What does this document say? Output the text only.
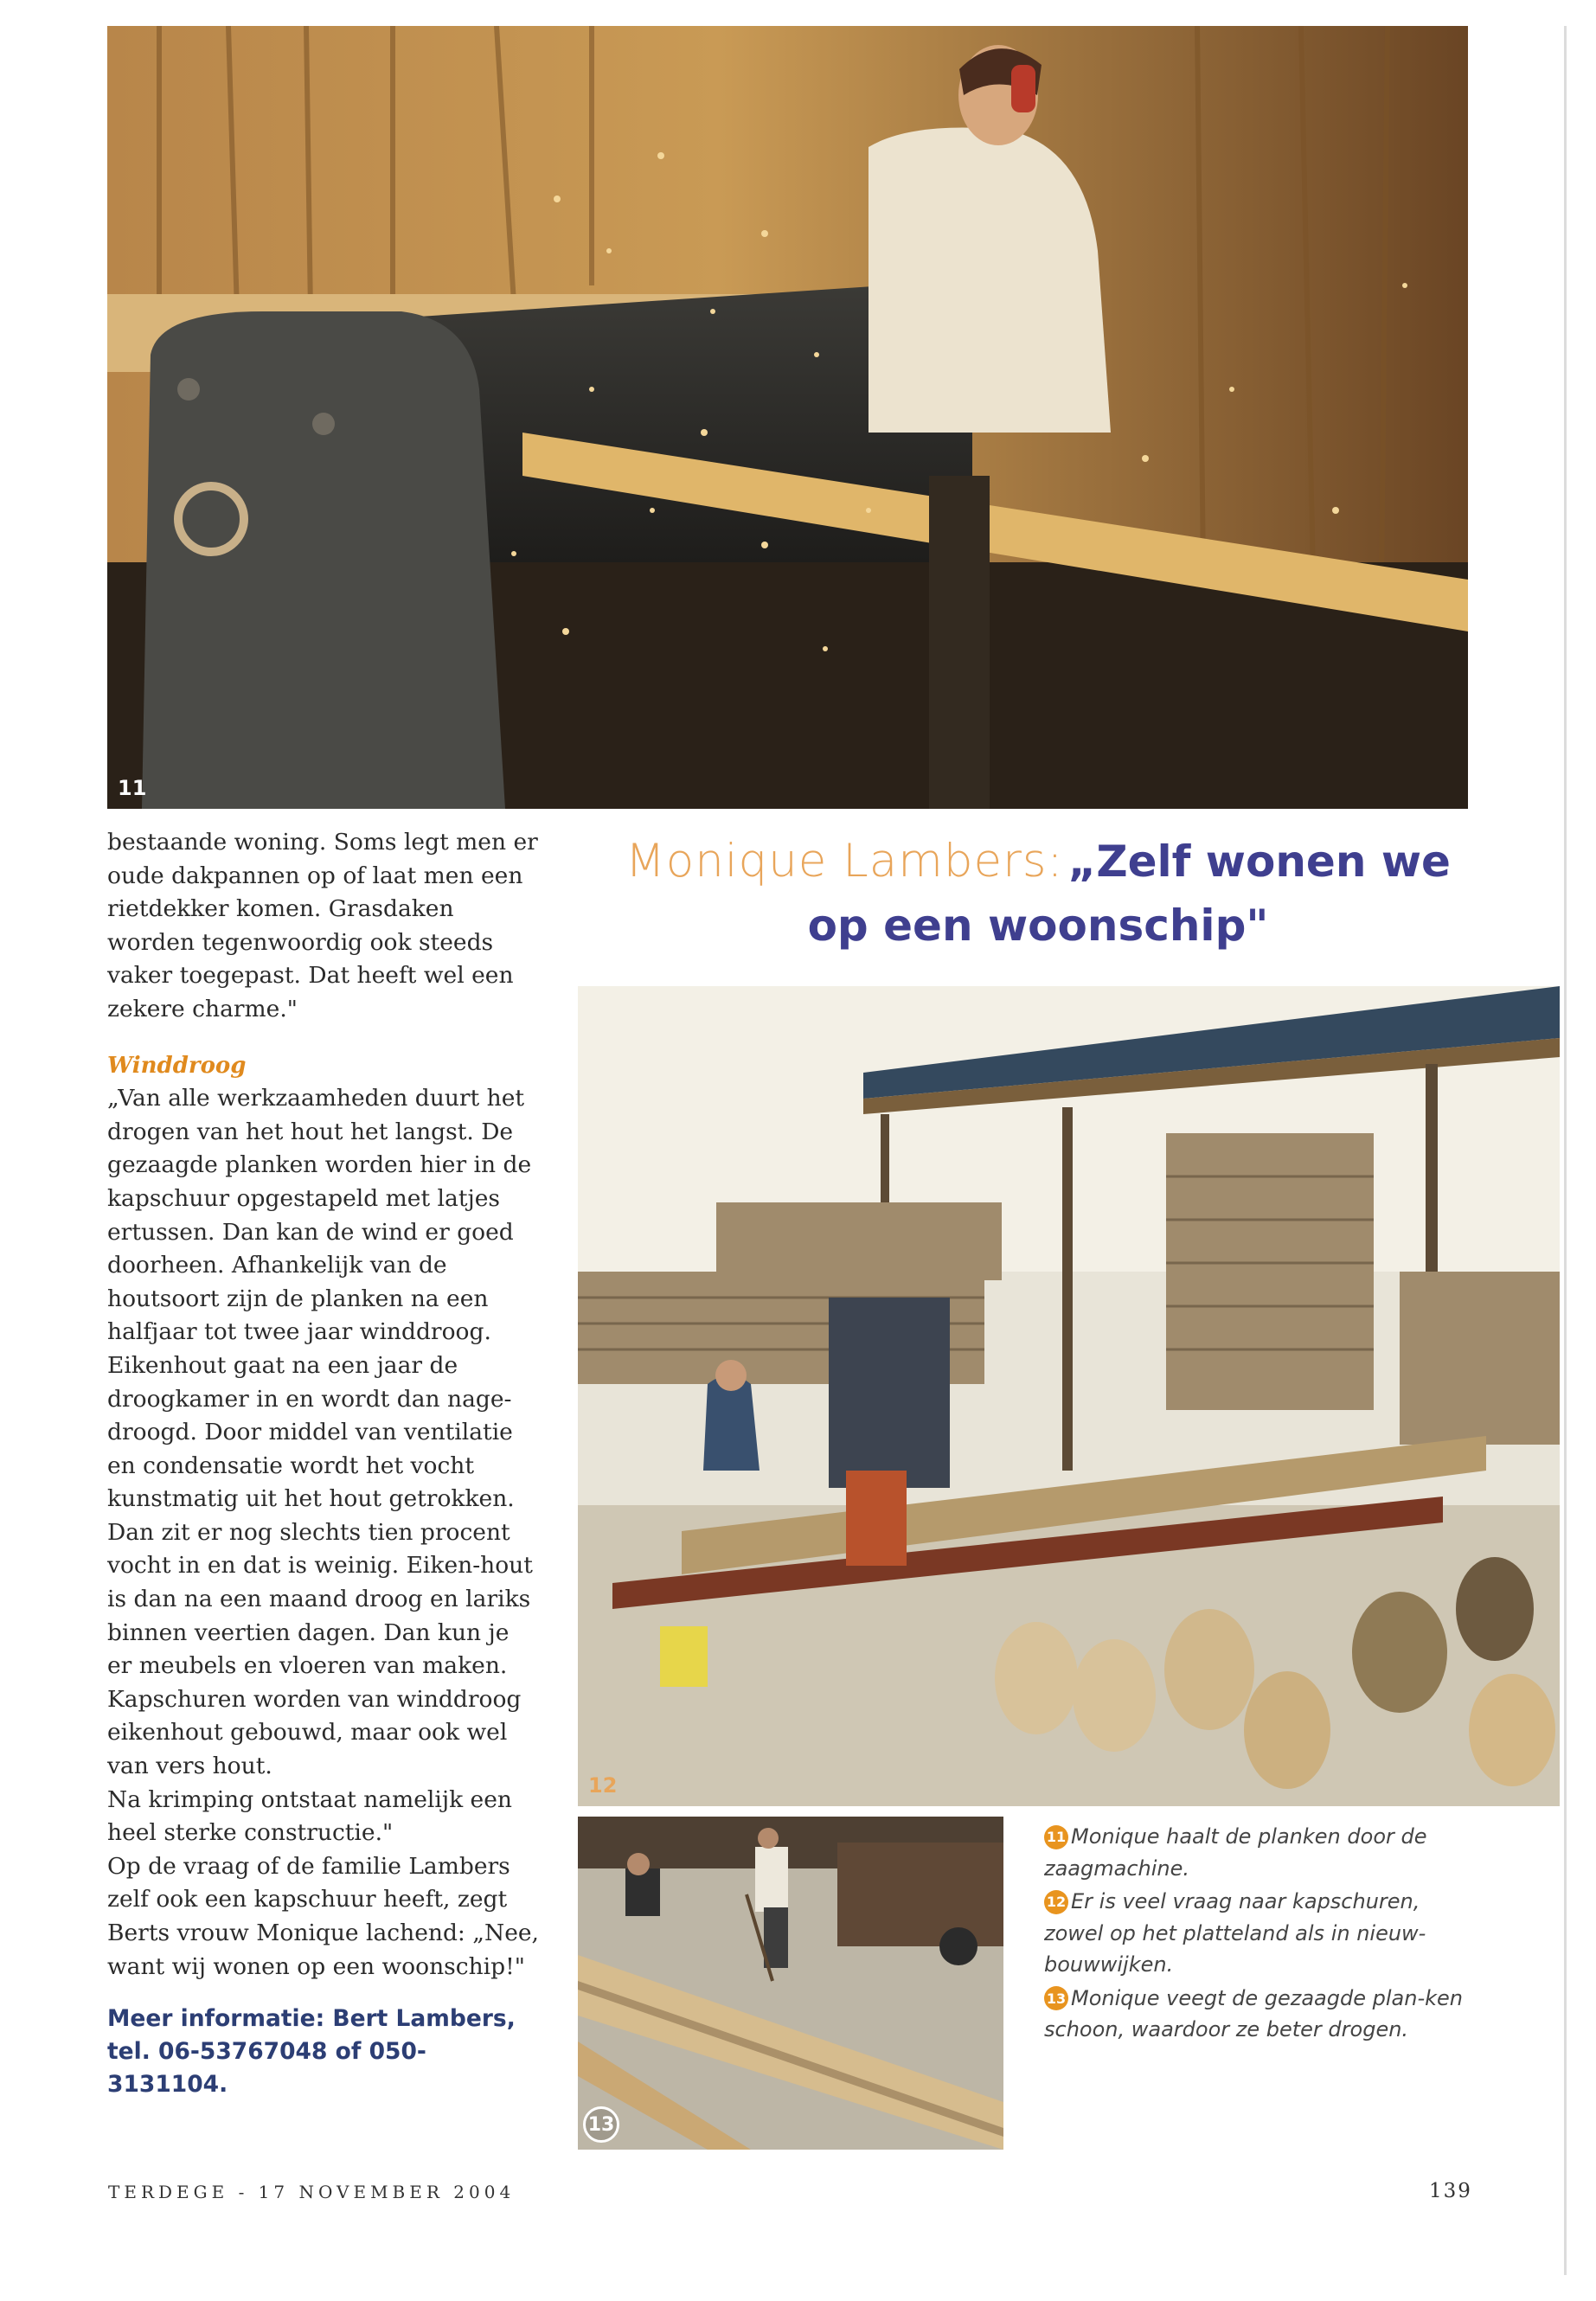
11
12
13

bestaande woning. Soms legt men er oude dakpannen op of laat men een rietdekker komen. Grasdaken worden tegenwoordig ook steeds vaker toegepast. Dat heeft wel een zekere charme."

Winddroog

„Van alle werkzaamheden duurt het drogen van het hout het langst. De gezaagde planken worden hier in de kapschuur opgestapeld met latjes ertussen. Dan kan de wind er goed doorheen. Afhankelijk van de houtsoort zijn de planken na een halfjaar tot twee jaar winddroog. Eikenhout gaat na een jaar de droogkamer in en wordt dan nage-droogd. Door middel van ventilatie en condensatie wordt het vocht kunstmatig uit het hout getrokken. Dan zit er nog slechts tien procent vocht in en dat is weinig. Eiken-hout is dan na een maand droog en lariks binnen veertien dagen. Dan kun je er meubels en vloeren van maken. Kapschuren worden van winddroog eikenhout gebouwd, maar ook wel van vers hout.

Na krimping ontstaat namelijk een heel sterke constructie."

Op de vraag of de familie Lambers zelf ook een kapschuur heeft, zegt Berts vrouw Monique lachend: „Nee, want wij wonen op een woonschip!"

Meer informatie: Bert Lambers, tel. 06-53767048 of 050-3131104.
Monique Lambers: „Zelf wonen we
op een woonschip"

11 Monique haalt de planken door de zaagmachine.

12 Er is veel vraag naar kapschuren, zowel op het platteland als in nieuw-bouwwijken.

13 Monique veegt de gezaagde plan-ken schoon, waardoor ze beter drogen.

TERDEGE - 17 NOVEMBER 2004	139
